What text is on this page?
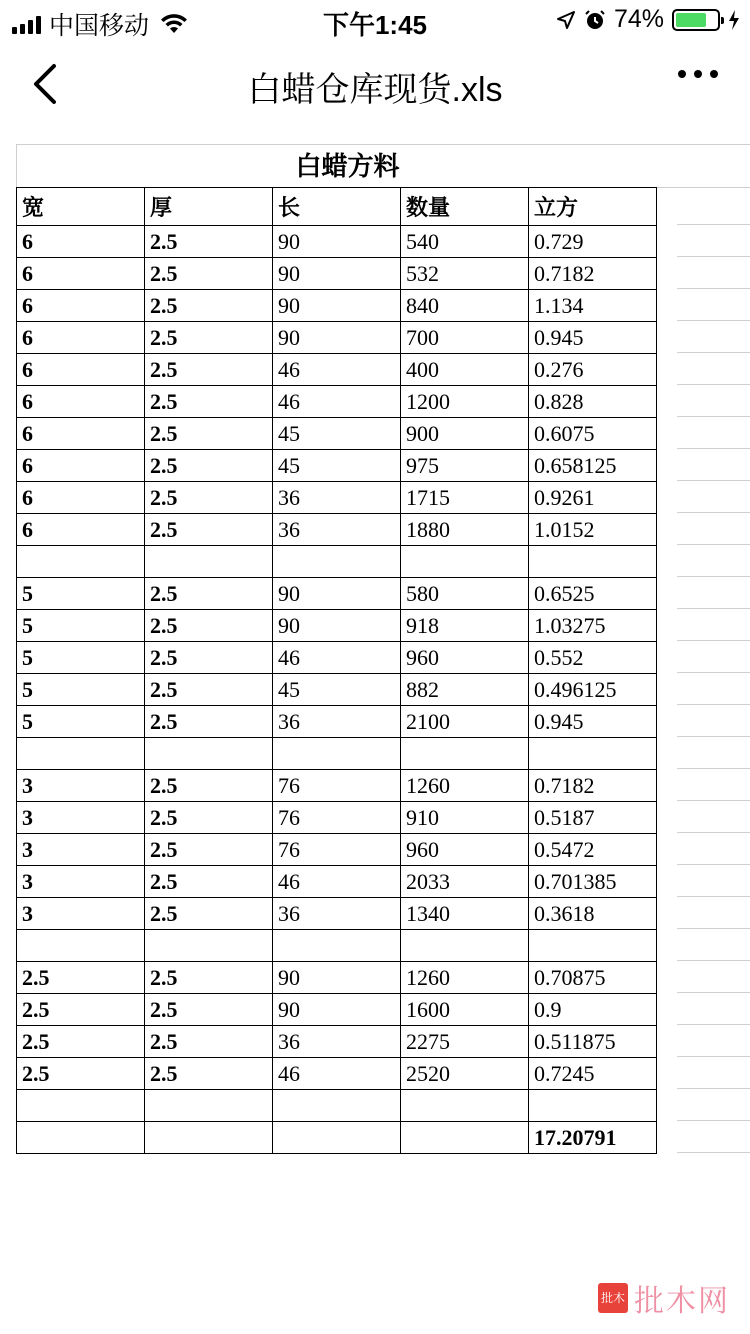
中国移动	下午1:45	74%
白蜡仓库现货.xls
白蜡方料
宽	厚	长	数量	立方
6	2.5	90	540	0.729
6	2.5	90	532	0.7182
6	2.5	90	840	1.134
6	2.5	90	700	0.945
6	2.5	46	400	0.276
6	2.5	46	1200	0.828
6	2.5	45	900	0.6075
6	2.5	45	975	0.658125
6	2.5	36	1715	0.9261
6	2.5	36	1880	1.0152

5	2.5	90	580	0.6525
5	2.5	90	918	1.03275
5	2.5	46	960	0.552
5	2.5	45	882	0.496125
5	2.5	36	2100	0.945

3	2.5	76	1260	0.7182
3	2.5	76	910	0.5187
3	2.5	76	960	0.5472
3	2.5	46	2033	0.701385
3	2.5	36	1340	0.3618

2.5	2.5	90	1260	0.70875
2.5	2.5	90	1600	0.9
2.5	2.5	36	2275	0.511875
2.5	2.5	46	2520	0.7245

				17.20791
批木 批木网
